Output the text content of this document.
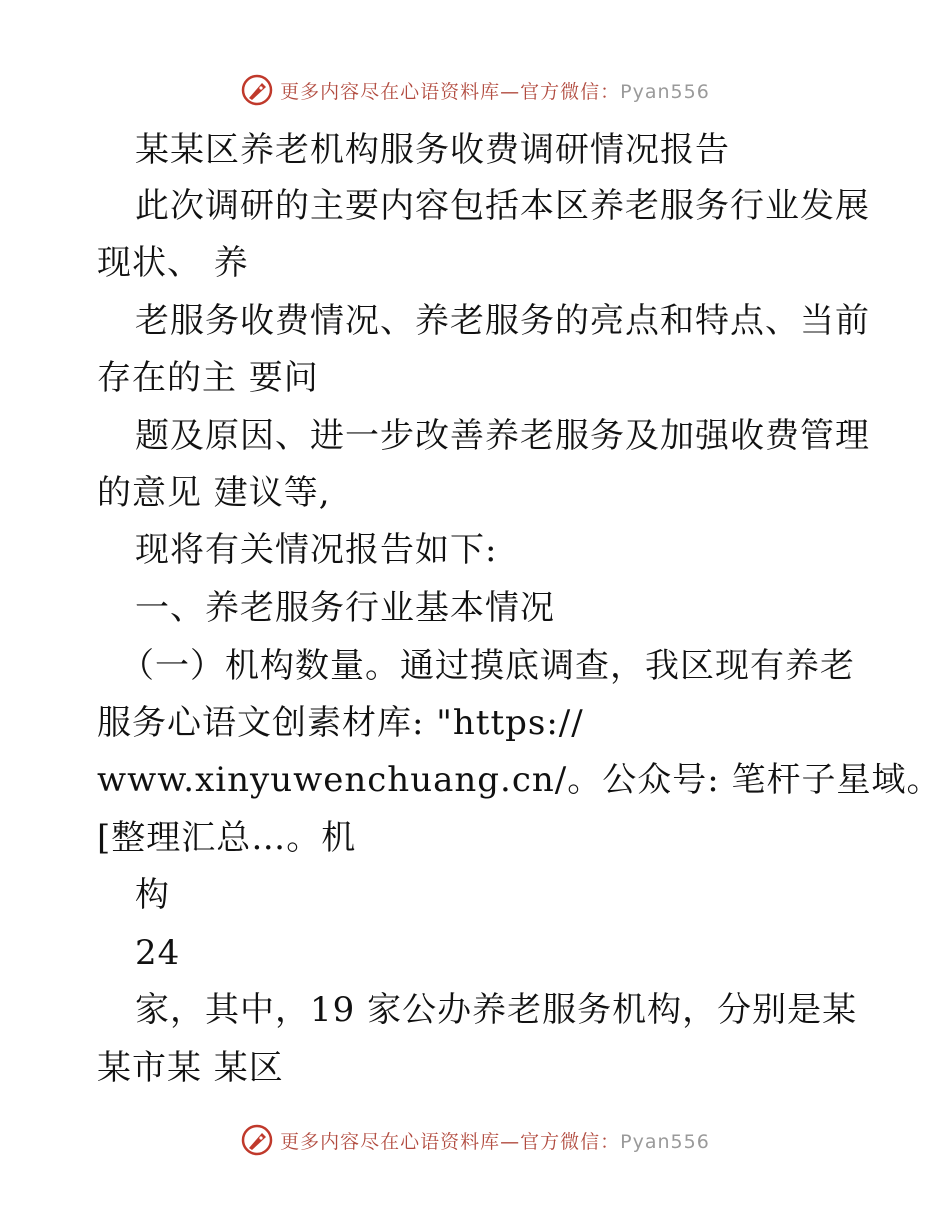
更多内容尽在心语资料库—官方微信：Pyan556
某某区养老机构服务收费调研情况报告
此次调研的主要内容包括本区养老服务行业发展
现状、 养
老服务收费情况、养老服务的亮点和特点、当前
存在的主 要问
题及原因、进一步改善养老服务及加强收费管理
的意见 建议等,
现将有关情况报告如下:
一、养老服务行业基本情况
（一）机构数量。通过摸底调查，我区现有养老
服务心语文创素材库: "https://
www.xinyuwenchuang.cn/。公众号: 笔杆子星域。
[整理汇总…。机
构
24
家，其中，19 家公办养老服务机构，分别是某
某市某 某区
更多内容尽在心语资料库—官方微信：Pyan556
